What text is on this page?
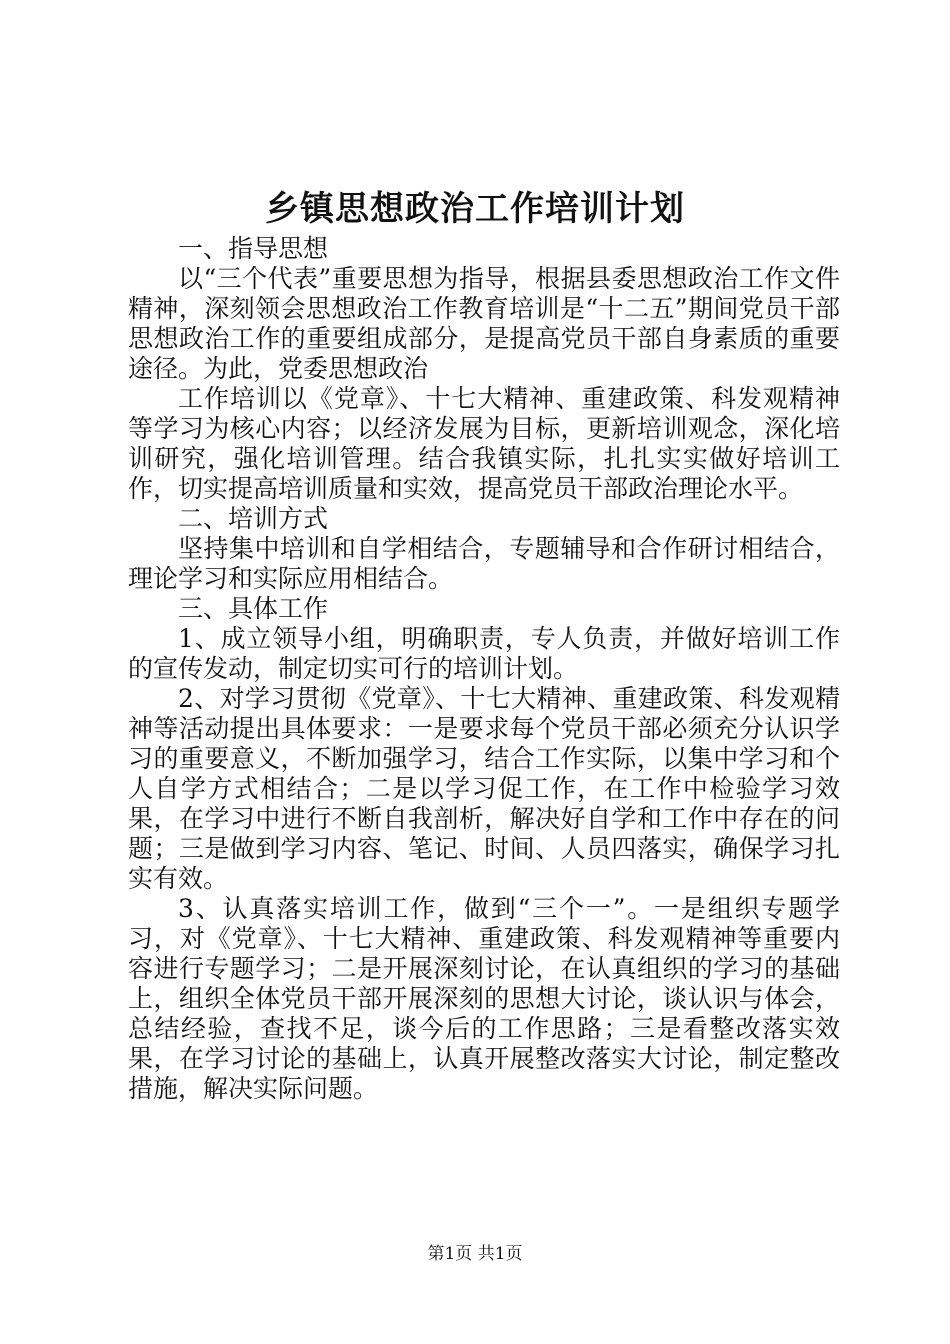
乡镇思想政治工作培训计划

一、指导思想

以“三个代表”重要思想为指导，根据县委思想政治工作文件精神，深刻领会思想政治工作教育培训是“十二五”期间党员干部思想政治工作的重要组成部分，是提高党员干部自身素质的重要途径。为此，党委思想政治

工作培训以《党章》、十七大精神、重建政策、科发观精神等学习为核心内容；以经济发展为目标，更新培训观念，深化培训研究，强化培训管理。结合我镇实际，扎扎实实做好培训工作，切实提高培训质量和实效，提高党员干部政治理论水平。

二、培训方式

坚持集中培训和自学相结合，专题辅导和合作研讨相结合，理论学习和实际应用相结合。

三、具体工作

1、成立领导小组，明确职责，专人负责，并做好培训工作的宣传发动，制定切实可行的培训计划。

2、对学习贯彻《党章》、十七大精神、重建政策、科发观精神等活动提出具体要求：一是要求每个党员干部必须充分认识学习的重要意义，不断加强学习，结合工作实际，以集中学习和个人自学方式相结合；二是以学习促工作，在工作中检验学习效果，在学习中进行不断自我剖析，解决好自学和工作中存在的问题；三是做到学习内容、笔记、时间、人员四落实，确保学习扎实有效。

3、认真落实培训工作，做到“三个一”。一是组织专题学习，对《党章》、十七大精神、重建政策、科发观精神等重要内容进行专题学习；二是开展深刻讨论，在认真组织的学习的基础上，组织全体党员干部开展深刻的思想大讨论，谈认识与体会，总结经验，查找不足，谈今后的工作思路；三是看整改落实效果，在学习讨论的基础上，认真开展整改落实大讨论，制定整改措施，解决实际问题。

第1页 共1页
